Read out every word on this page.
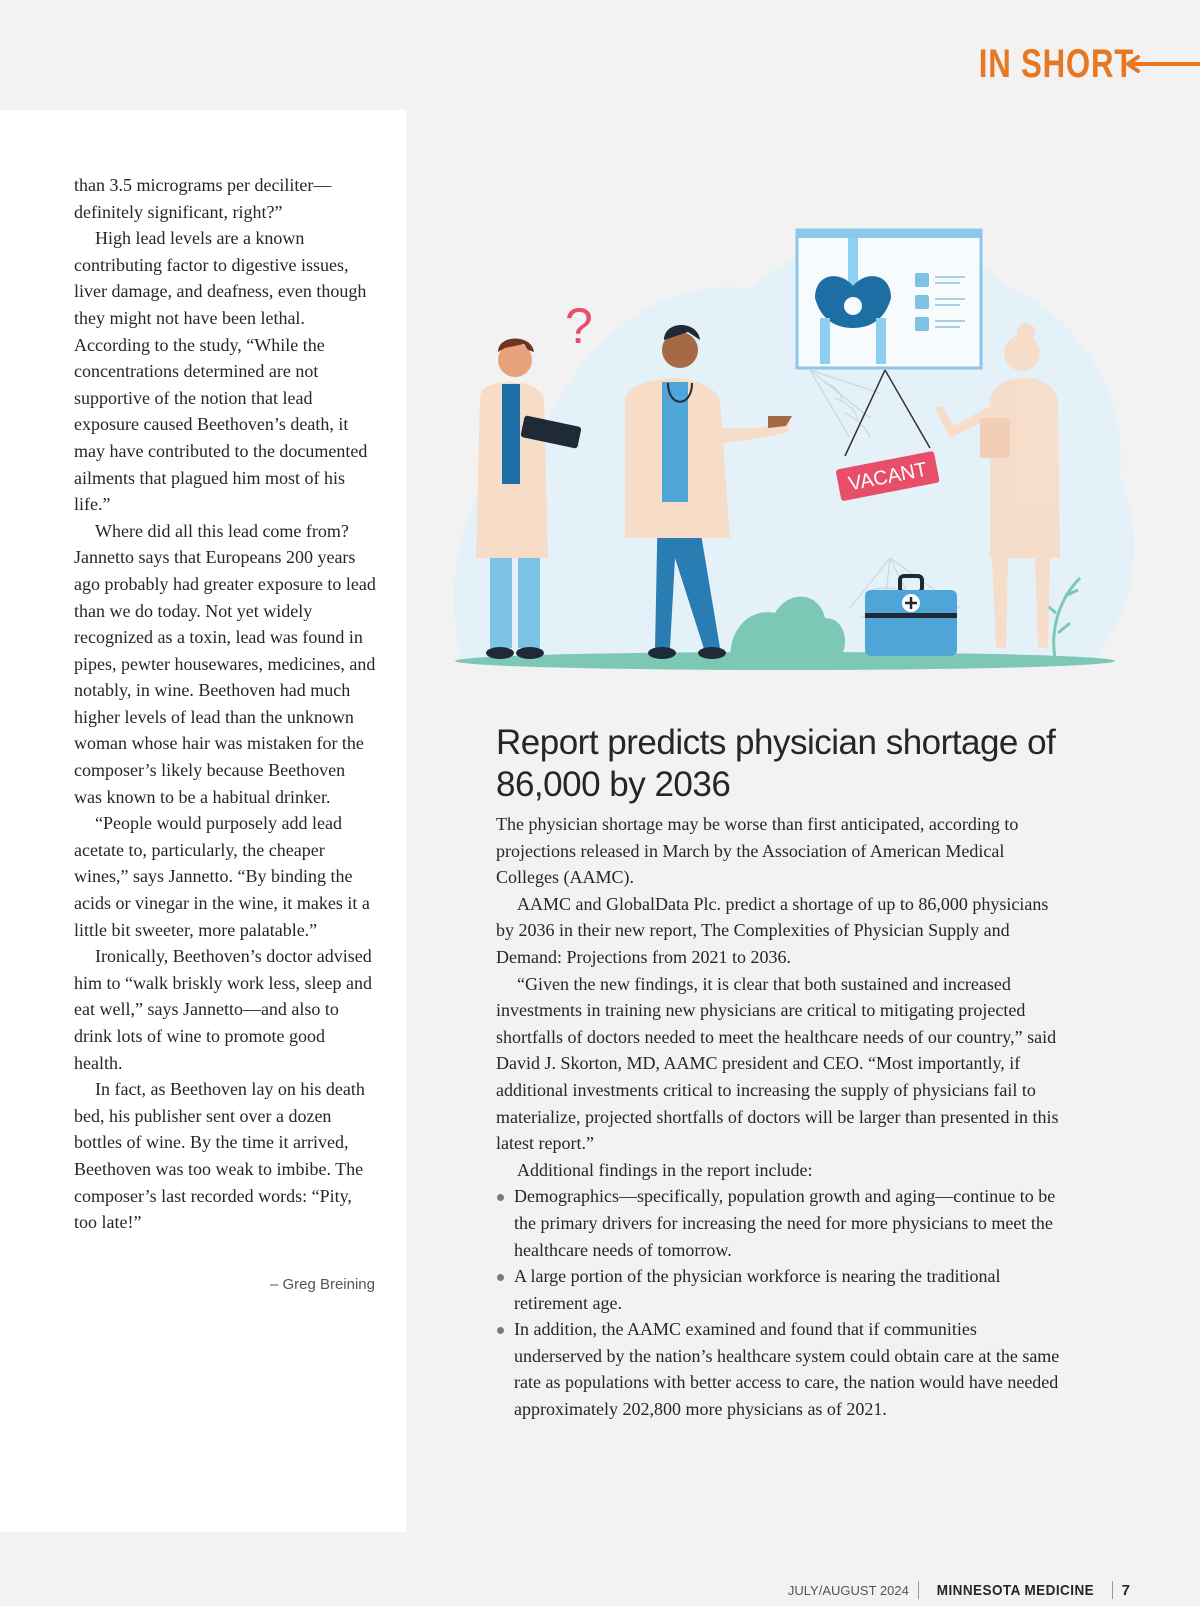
IN SHORT

than 3.5 micrograms per deciliter—definitely significant, right?”

High lead levels are a known contributing factor to digestive issues, liver damage, and deafness, even though they might not have been lethal. According to the study, “While the concentrations determined are not supportive of the notion that lead exposure caused Beethoven’s death, it may have contributed to the documented ailments that plagued him most of his life.”

Where did all this lead come from? Jannetto says that Europeans 200 years ago probably had greater exposure to lead than we do today. Not yet widely recognized as a toxin, lead was found in pipes, pewter housewares, medicines, and notably, in wine. Beethoven had much higher levels of lead than the unknown woman whose hair was mistaken for the composer’s likely because Beethoven was known to be a habitual drinker.

“People would purposely add lead acetate to, particularly, the cheaper wines,” says Jannetto. “By binding the acids or vinegar in the wine, it makes it a little bit sweeter, more palatable.”

Ironically, Beethoven’s doctor advised him to “walk briskly work less, sleep and eat well,” says Jannetto—and also to drink lots of wine to promote good health.

In fact, as Beethoven lay on his death bed, his publisher sent over a dozen bottles of wine. By the time it arrived, Beethoven was too weak to imbibe. The composer’s last recorded words: “Pity, too late!”

– Greg Breining
VACANT
?
Report predicts physician shortage of 86,000 by 2036

The physician shortage may be worse than first anticipated, according to projections released in March by the Association of American Medical Colleges (AAMC).

AAMC and GlobalData Plc. predict a shortage of up to 86,000 physicians by 2036 in their new report, The Complexities of Physician Supply and Demand: Projections from 2021 to 2036.

“Given the new findings, it is clear that both sustained and increased investments in training new physicians are critical to mitigating projected shortfalls of doctors needed to meet the healthcare needs of our country,” said David J. Skorton, MD, AAMC president and CEO. “Most importantly, if additional investments critical to increasing the supply of physicians fail to materialize, projected shortfalls of doctors will be larger than presented in this latest report.”

Additional findings in the report include:

Demographics—specifically, population growth and aging—continue to be the primary drivers for increasing the need for more physicians to meet the healthcare needs of tomorrow.
A large portion of the physician workforce is nearing the traditional retirement age.
In addition, the AAMC examined and found that if communities underserved by the nation’s healthcare system could obtain care at the same rate as populations with better access to care, the nation would have needed approximately 202,800 more physicians as of 2021.
JULY/AUGUST 2024 MINNESOTA MEDICINE 7
